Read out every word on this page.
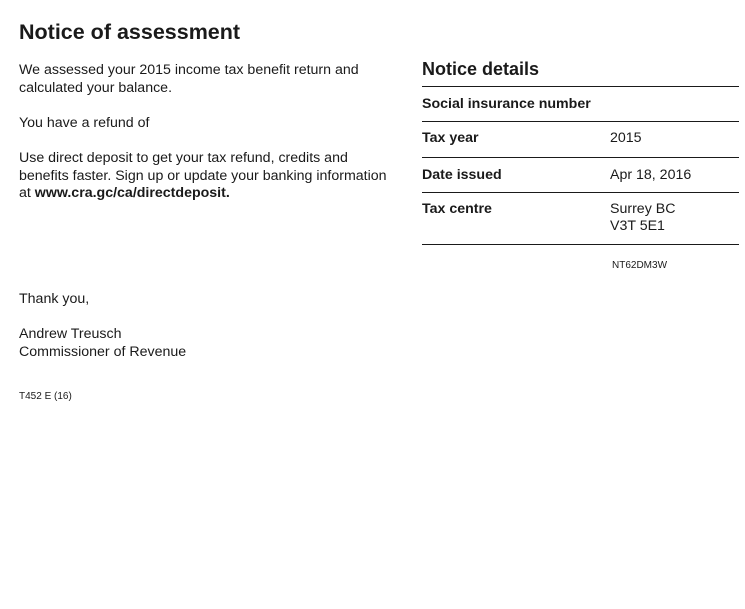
Notice of assessment

We assessed your 2015 income tax benefit return and calculated your balance.

You have a refund of

Use direct deposit to get your tax refund, credits and benefits faster. Sign up or update your banking information at www.cra.gc/ca/directdeposit.

Thank you,

Andrew Treusch
Commissioner of Revenue

T452 E (16)
Notice details
Social insurance number
Tax year	2015
Date issued	Apr 18, 2016
Tax centre	Surrey BC
V3T 5E1
NT62DM3W
